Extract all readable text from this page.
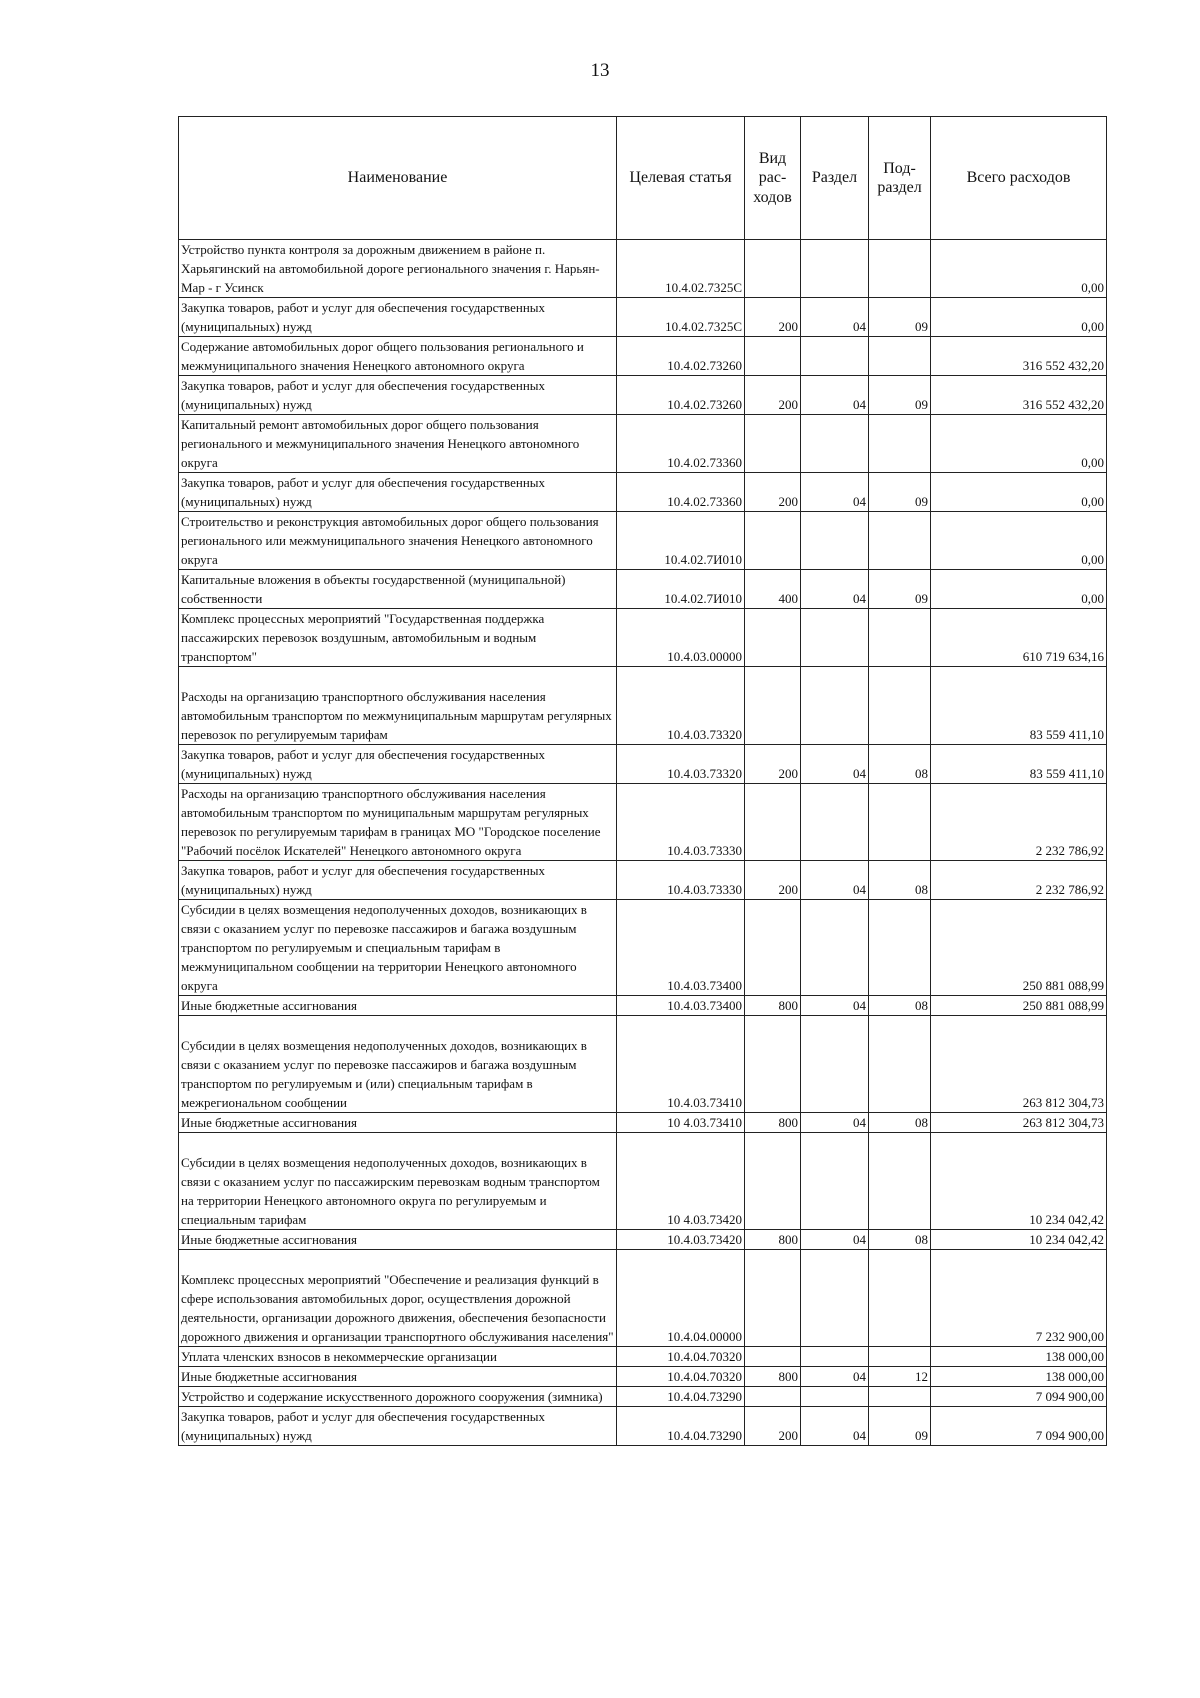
13
Наименование	Целевая статья	Вид рас- ходов	Раздел	Под- раздел	Всего расходов
Устройство пункта контроля за дорожным движением в районе п. Харьягинский на автомобильной дороге регионального значения г. Нарьян-Мар - г Усинск	10.4.02.7325С				0,00
Закупка товаров, работ и услуг для обеспечения государственных (муниципальных) нужд	10.4.02.7325С	200	04	09	0,00
Содержание автомобильных дорог общего пользования регионального и межмуниципального значения Ненецкого автономного округа	10.4.02.73260				316 552 432,20
Закупка товаров, работ и услуг для обеспечения государственных (муниципальных) нужд	10.4.02.73260	200	04	09	316 552 432,20
Капитальный ремонт автомобильных дорог общего пользования регионального и межмуниципального значения Ненецкого автономного округа	10.4.02.73360				0,00
Закупка товаров, работ и услуг для обеспечения государственных (муниципальных) нужд	10.4.02.73360	200	04	09	0,00
Строительство и реконструкция автомобильных дорог общего пользования регионального или межмуниципального значения Ненецкого автономного округа	10.4.02.7И010				0,00
Капитальные вложения в объекты государственной (муниципальной) собственности	10.4.02.7И010	400	04	09	0,00
Комплекс процессных мероприятий "Государственная поддержка пассажирских перевозок воздушным, автомобильным и водным транспортом"	10.4.03.00000				610 719 634,16
Расходы на организацию транспортного обслуживания населения автомобильным транспортом по межмуниципальным маршрутам регулярных перевозок по регулируемым тарифам	10.4.03.73320				83 559 411,10
Закупка товаров, работ и услуг для обеспечения государственных (муниципальных) нужд	10.4.03.73320	200	04	08	83 559 411,10
Расходы на организацию транспортного обслуживания населения автомобильным транспортом по муниципальным маршрутам регулярных перевозок по регулируемым тарифам в границах МО "Городское поселение "Рабочий посёлок Искателей" Ненецкого автономного округа	10.4.03.73330				2 232 786,92
Закупка товаров, работ и услуг для обеспечения государственных (муниципальных) нужд	10.4.03.73330	200	04	08	2 232 786,92
Субсидии в целях возмещения недополученных доходов, возникающих в связи с оказанием услуг по перевозке пассажиров и багажа воздушным транспортом по регулируемым и специальным тарифам в межмуниципальном сообщении на территории Ненецкого автономного округа	10.4.03.73400				250 881 088,99
Иные бюджетные ассигнования	10.4.03.73400	800	04	08	250 881 088,99
Субсидии в целях возмещения недополученных доходов, возникающих в связи с оказанием услуг по перевозке пассажиров и багажа воздушным транспортом по регулируемым и (или) специальным тарифам в межрегиональном сообщении	10.4.03.73410				263 812 304,73
Иные бюджетные ассигнования	10 4.03.73410	800	04	08	263 812 304,73
Субсидии в целях возмещения недополученных доходов, возникающих в связи с оказанием услуг по пассажирским перевозкам водным транспортом на территории Ненецкого автономного округа по регулируемым и специальным тарифам	10 4.03.73420				10 234 042,42
Иные бюджетные ассигнования	10.4.03.73420	800	04	08	10 234 042,42
Комплекс процессных мероприятий "Обеспечение и реализация функций в сфере использования автомобильных дорог, осуществления дорожной деятельности, организации дорожного движения, обеспечения безопасности дорожного движения и организации транспортного обслуживания населения"	10.4.04.00000				7 232 900,00
Уплата членских взносов в некоммерческие организации	10.4.04.70320				138 000,00
Иные бюджетные ассигнования	10.4.04.70320	800	04	12	138 000,00
Устройство и содержание искусственного дорожного сооружения (зимника)	10.4.04.73290				7 094 900,00
Закупка товаров, работ и услуг для обеспечения государственных (муниципальных) нужд	10.4.04.73290	200	04	09	7 094 900,00
